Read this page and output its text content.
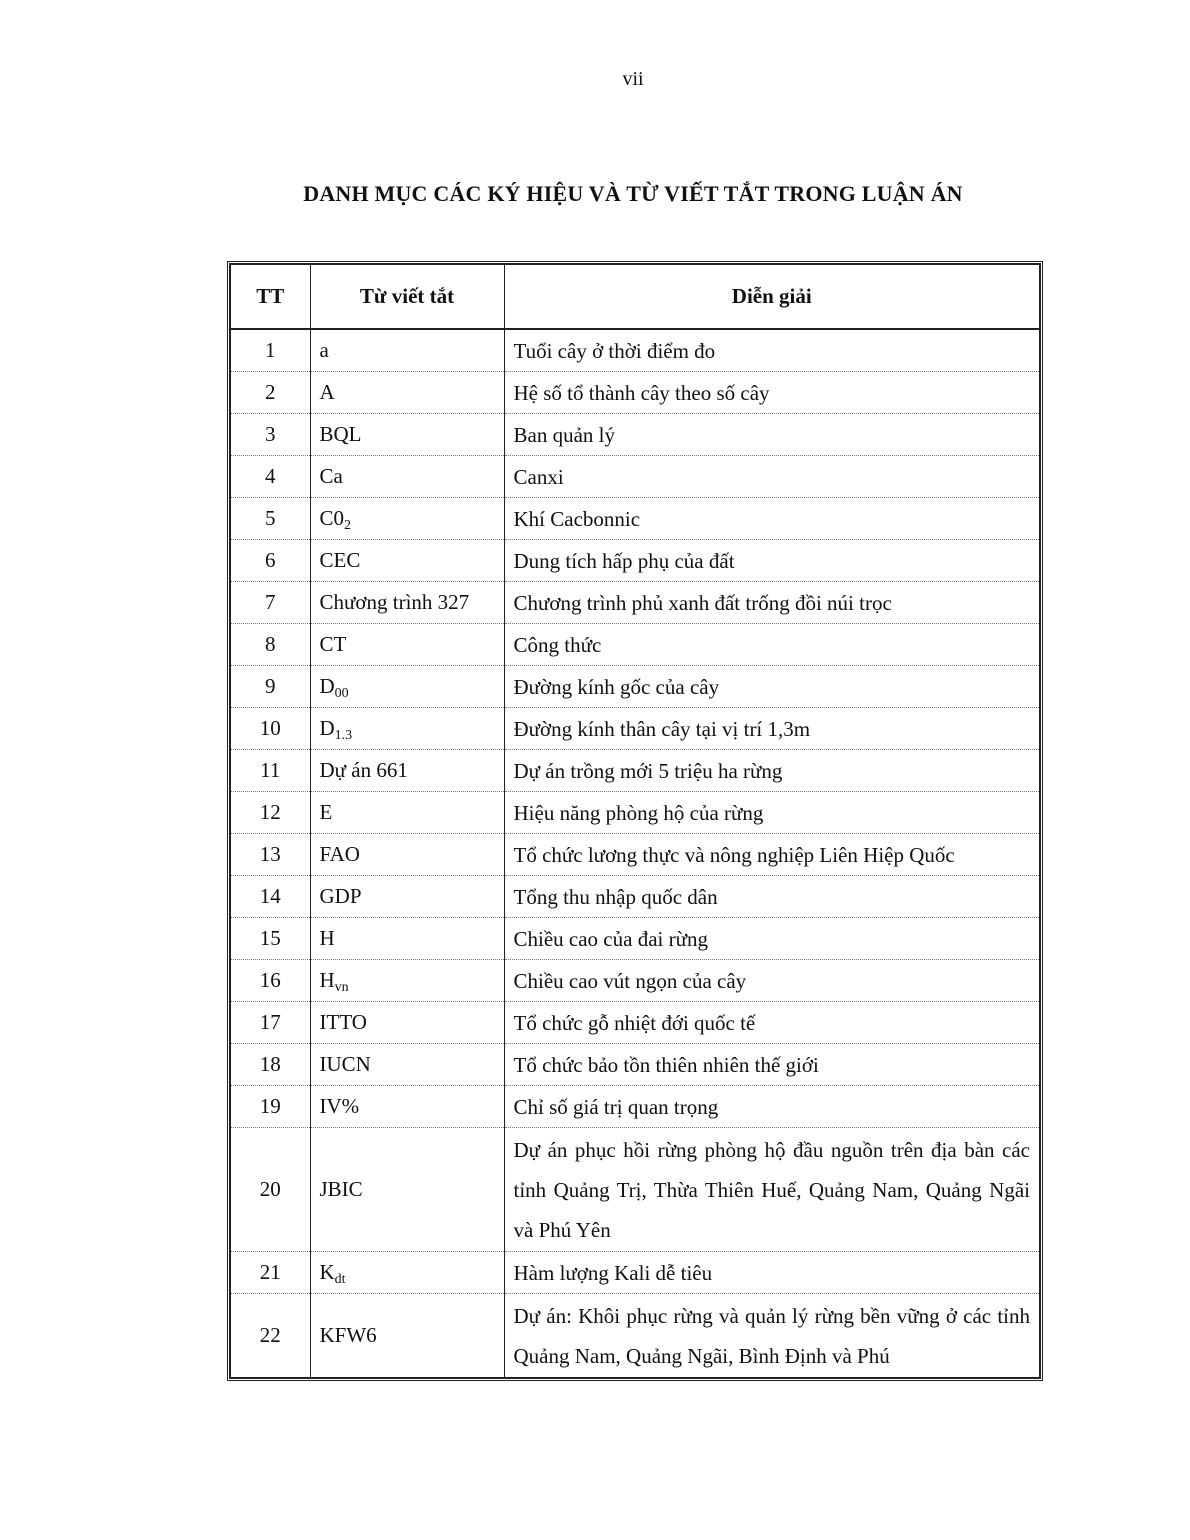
vii
DANH MỤC CÁC KÝ HIỆU VÀ TỪ VIẾT TẮT TRONG LUẬN ÁN
TT	Từ viết tắt	Diễn giải
1	a	Tuổi cây ở thời điểm đo
2	A	Hệ số tổ thành cây theo số cây
3	BQL	Ban quản lý
4	Ca	Canxi
5	$C0_2$	Khí Cacbonnic
6	CEC	Dung tích hấp phụ của đất
7	Chương trình 327	Chương trình phủ xanh đất trống đồi núi trọc
8	CT	Công thức
9	$D_{00}$	Đường kính gốc của cây
10	$D_{1.3}$	Đường kính thân cây tại vị trí 1,3m
11	Dự án 661	Dự án trồng mới 5 triệu ha rừng
12	E	Hiệu năng phòng hộ của rừng
13	FAO	Tổ chức lương thực và nông nghiệp Liên Hiệp Quốc
14	GDP	Tổng thu nhập quốc dân
15	H	Chiều cao của đai rừng
16	$H_{vn}$	Chiều cao vút ngọn của cây
17	ITTO	Tổ chức gỗ nhiệt đới quốc tế
18	IUCN	Tổ chức bảo tồn thiên nhiên thế giới
19	IV%	Chỉ số giá trị quan trọng
20	JBIC	Dự án phục hồi rừng phòng hộ đầu nguồn trên địa bàn các tỉnh Quảng Trị, Thừa Thiên Huế, Quảng Nam, Quảng Ngãi và Phú Yên
21	$K_{dt}$	Hàm lượng Kali dễ tiêu
22	KFW6	Dự án: Khôi phục rừng và quản lý rừng bền vững ở các tỉnh Quảng Nam, Quảng Ngãi, Bình Định và Phú
